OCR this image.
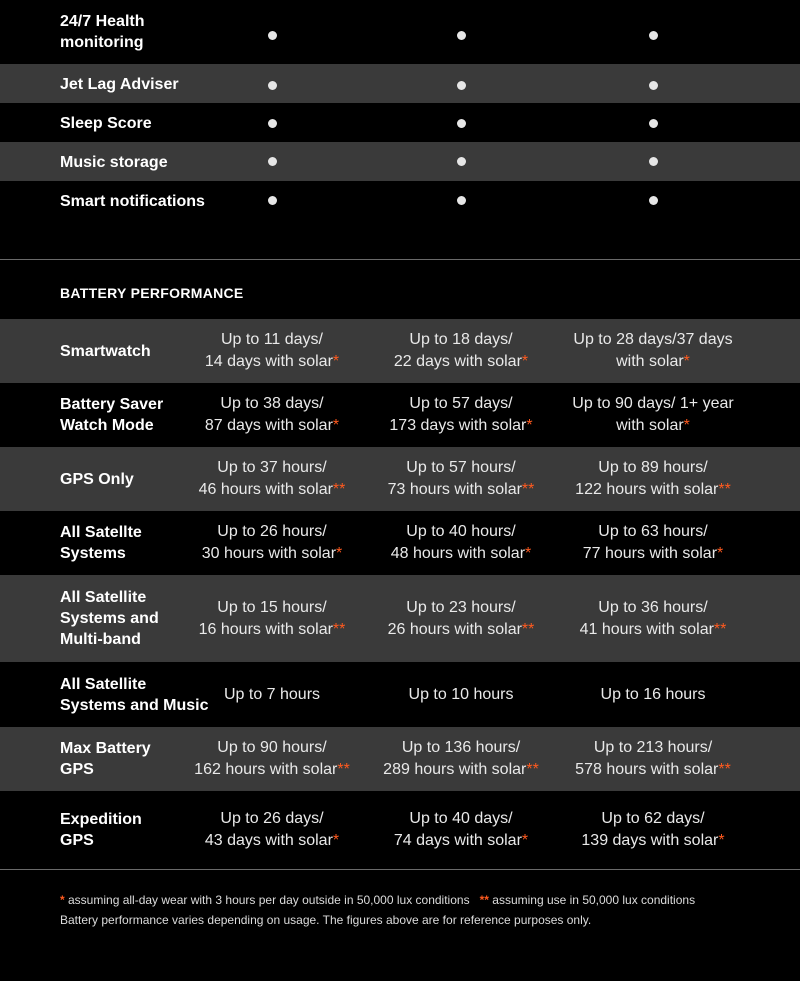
24/7 Health monitoring
Jet Lag Adviser
Sleep Score
Music storage
Smart notifications
BATTERY PERFORMANCE
Smartwatch
Up to 11 days/
14 days with solar*
Up to 18 days/
22 days with solar*
Up to 28 days/37 days
with solar*
Battery Saver Watch Mode
Up to 38 days/
87 days with solar*
Up to 57 days/
173 days with solar*
Up to 90 days/ 1+ year
with solar*
GPS Only
Up to 37 hours/
46 hours with solar**
Up to 57 hours/
73 hours with solar**
Up to 89 hours/
122 hours with solar**
All Satellte Systems
Up to 26 hours/
30 hours with solar*
Up to 40 hours/
48 hours with solar*
Up to 63 hours/
77 hours with solar*
All Satellite Systems and Multi-band
Up to 15 hours/
16 hours with solar**
Up to 23 hours/
26 hours with solar**
Up to 36 hours/
41 hours with solar**
All Satellite Systems and Music
Up to 7 hours	Up to 10 hours	Up to 16 hours
Max Battery GPS
Up to 90 hours/
162 hours with solar**
Up to 136 hours/
289 hours with solar**
Up to 213 hours/
578 hours with solar**
Expedition GPS
Up to 26 days/
43 days with solar*
Up to 40 days/
74 days with solar*
Up to 62 days/
139 days with solar*
* assuming all-day wear with 3 hours per day outside in 50,000 lux conditions ** assuming use in 50,000 lux conditions
Battery performance varies depending on usage. The figures above are for reference purposes only.
